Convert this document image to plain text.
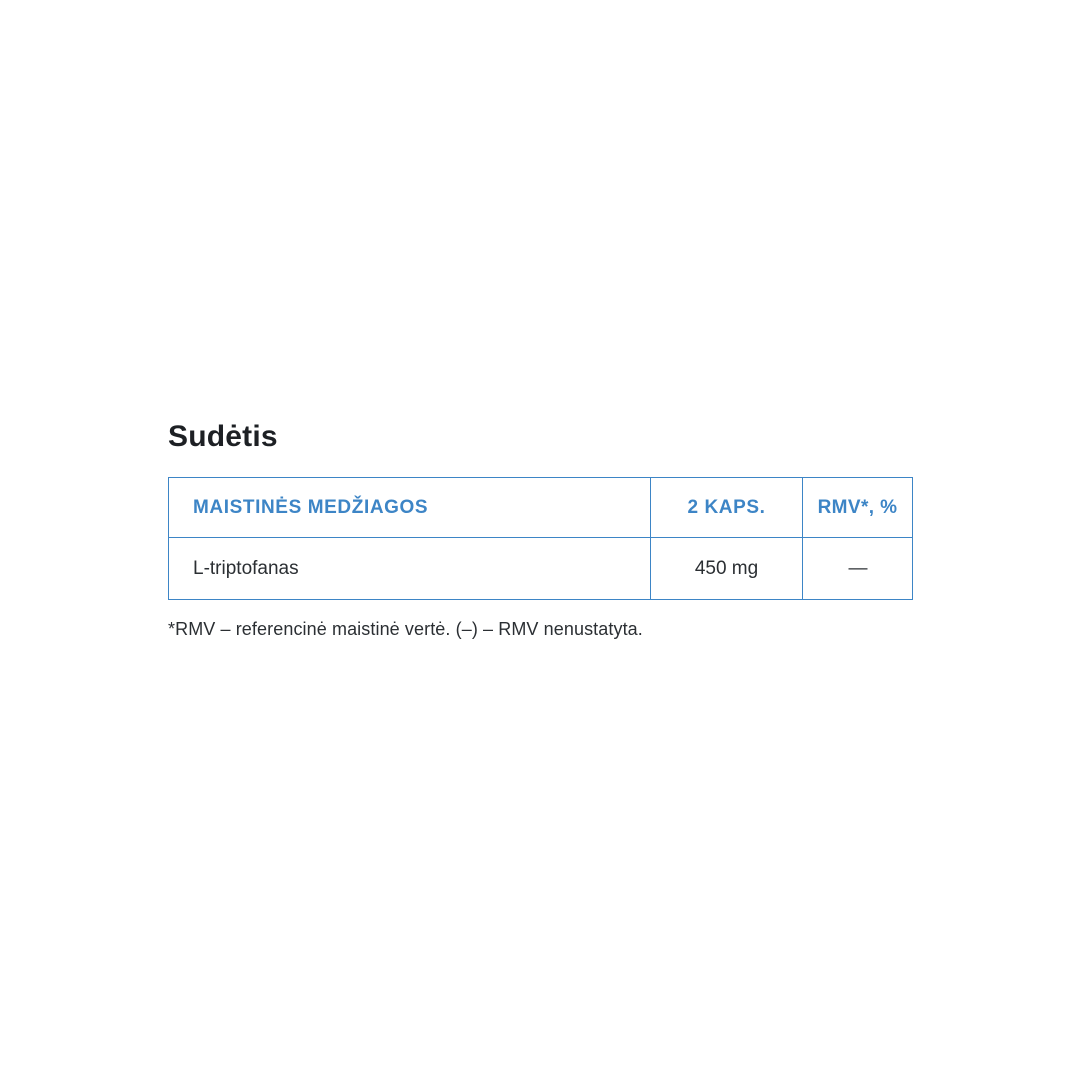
Sudėtis
MAISTINĖS MEDŽIAGOS	2 KAPS.	RMV*, %
L-triptofanas	450 mg	—
*RMV – referencinė maistinė vertė. (–) – RMV nenustatyta.
